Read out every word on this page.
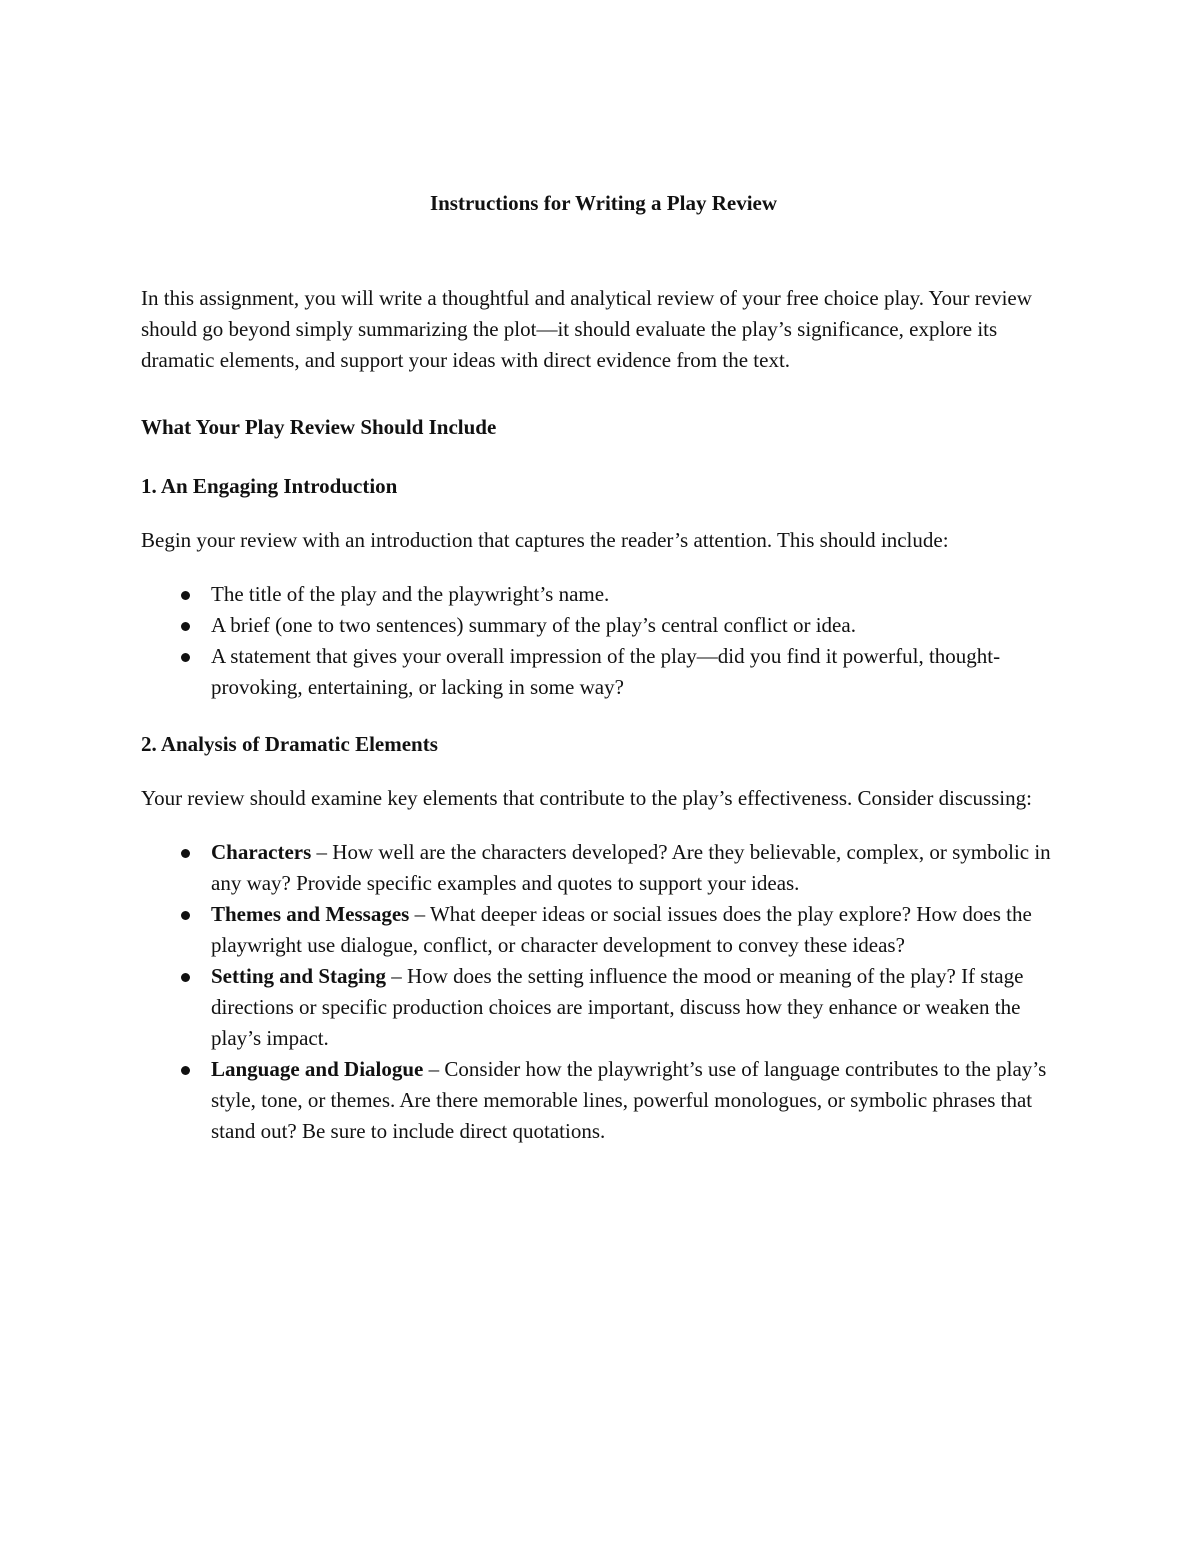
Instructions for Writing a Play Review

In this assignment, you will write a thoughtful and analytical review of your free choice play. Your review should go beyond simply summarizing the plot—it should evaluate the play’s significance, explore its dramatic elements, and support your ideas with direct evidence from the text.

What Your Play Review Should Include

1. An Engaging Introduction

Begin your review with an introduction that captures the reader’s attention. This should include:

The title of the play and the playwright’s name.
A brief (one to two sentences) summary of the play’s central conflict or idea.
A statement that gives your overall impression of the play—did you find it powerful, thought-provoking, entertaining, or lacking in some way?

2. Analysis of Dramatic Elements

Your review should examine key elements that contribute to the play’s effectiveness. Consider discussing:

Characters – How well are the characters developed? Are they believable, complex, or symbolic in any way? Provide specific examples and quotes to support your ideas.
Themes and Messages – What deeper ideas or social issues does the play explore? How does the playwright use dialogue, conflict, or character development to convey these ideas?
Setting and Staging – How does the setting influence the mood or meaning of the play? If stage directions or specific production choices are important, discuss how they enhance or weaken the play’s impact.
Language and Dialogue – Consider how the playwright’s use of language contributes to the play’s style, tone, or themes. Are there memorable lines, powerful monologues, or symbolic phrases that stand out? Be sure to include direct quotations.
